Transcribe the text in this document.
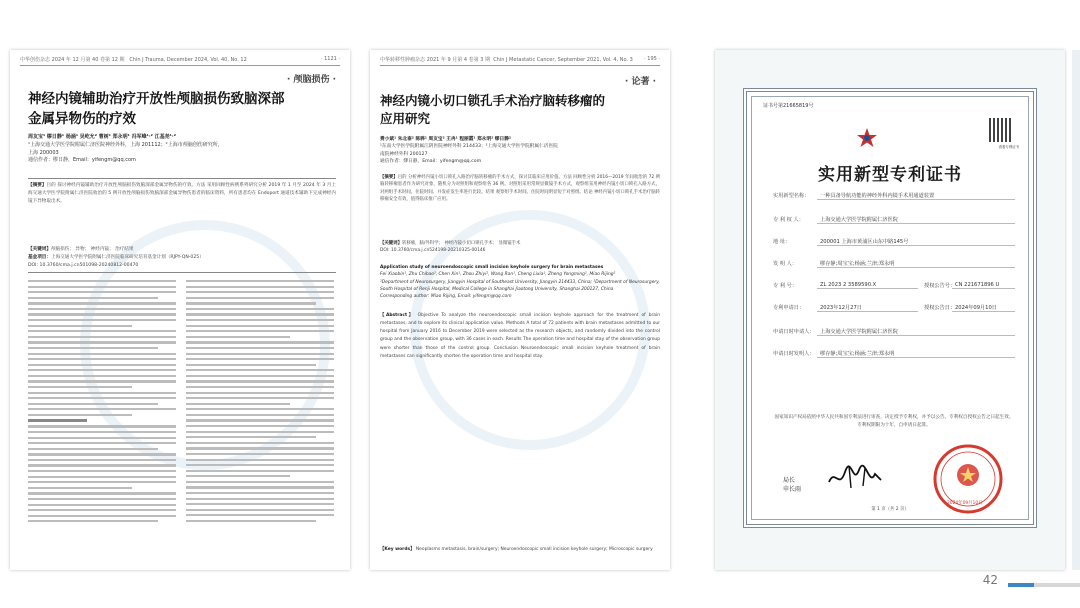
中华创伤杂志 2024 年 12 月第 40 卷第 12 期 Chin J Trauma, December 2024, Vol. 40, No. 12	· 1121 ·
· 颅脑损伤 ·
神经内镜辅助治疗开放性颅脑损伤致脑深部
金属异物伤的疗效
周友宝¹ 缪日静¹ 杨涵¹ 吴屹允² 曹树¹ 郑永明¹ 冯军峰¹·² 江基尧¹·²
¹上海交通大学医学院附属仁济医院神经外科，上海 201112；²上海市颅脑创伤研究所，
上海 200003
通信作者：缪日静，Email：yifengm@qq.com
【摘要】目的 探讨神经内镜辅助治疗开放性颅脑损伤致脑深部金属异物伤的疗效。方法 采用回顾性病例系列研究分析 2019 年 1 月至 2024 年 3 月上海交通大学医学院附属仁济医院收治的 5 例开放性颅脑损伤致脑深部金属异物伤患者的临床资料，所有患者均在 Endoport 通道技术辅助下完成神经内镜下异物取出术。
【关键词】颅脑损伤； 异物； 神经内镜； 治疗结果
基金项目：上海交通大学医学院附属仁济医院临床研究培育基金计划（RJPY-QN-025）
DOI: 10.3760/cma.j.cn501098-20240812-00470
中华转移性肿瘤杂志 2021 年 9 月第 4 卷第 3 期 Chin J Metastatic Cancer, September 2021, Vol. 4, No. 3 · 195 ·
· 论著 ·
神经内镜小切口锁孔手术治疗脑转移瘤的
应用研究
费小斌¹ 朱北泰² 陈骅¹ 周友宝² 王冉¹ 程丽霞¹ 郑永明² 缪日静²
¹东南大学医学院附属江阴医院神经外科 214433；²上海交通大学医学院附属仁济医院
南院神经外科 200127
通信作者：缪日静，Email：yifengm@qq.com
【摘要】目的 分析神经内镜小切口锁孔入路治疗脑转移瘤的手术方式，探讨其临床应用价值。方法 回顾性分析 2016—2019 年间收治的 72 例脑转移瘤患者作为研究对象，随机分为对照组和观察组各 36 例。对照组采用常规显微镜手术方式，观察组采用神经内镜小切口锁孔入路方式，对两组手术时间、住院时间、并发症发生率进行比较。结果 观察组手术时间、住院时间明显短于对照组。结论 神经内镜小切口锁孔手术治疗脑转移瘤安全有效，值得临床推广应用。
【关键词】转移瘤，脑/外科学； 神经内镜小切口锁孔手术； 显微镜手术
DOI: 10.3760/cma.j.cn524198-20210325-00146
Application study of neuroendoscopic small incision keyhole surgery for brain metastases
Fei Xiaobin¹, Zhu Chibao², Chen Xin¹, Zhou Zhiyi², Wang Ran¹, Cheng Lixia¹, Zheng Yongming², Miao Rijing²
¹Department of Neurosurgery, Jiangyin Hospital of Southeast University, Jiangyin 214433, China; ²Department of Neurosurgery, South Hospital of Renji Hospital, Medical College in Shanghai Jiaotong University, Shanghai 200127, China
Corresponding author: Miao Rijing, Email: yifengm@qq.com
【Abstract】 Objective To analyze the neuroendoscopic small incision keyhole approach for the treatment of brain metastases, and to explore its clinical application value. Methods A total of 72 patients with brain metastases admitted to our hospital from January 2016 to December 2019 were selected as the research objects, and randomly divided into the control group and the observation group, with 36 cases in each. Results The operation time and hospital stay of the observation group were shorter than those of the control group. Conclusion Neuroendoscopic small incision keyhole treatment of brain metastases can significantly shorten the operation time and hospital stay.
【Key words】 Neoplasms metastasis, brain/surgery; Neuroendoscopic small incision keyhole surgery; Microscopic surgery
证书号第21665819号
查看专利证书
实用新型专利证书
实用新型名称：	一种具备导航功能的神经外科内镜手术用通道装置
专 利 权 人：	上海交通大学医学院附属仁济医院
地 址：	200001 上海市黄浦区山东中路145号
发 明 人：	缪存静;周宝宝;杨涵;兰津;郑永明
专 利 号：	ZL 2023 2 3589590.X	授权公告号： CN 221671896 U
专利申请日：	2023年12月27日	授权公告日： 2024年09月10日
申请日时申请人：	上海交通大学医学院附属仁济医院
申请日时发明人：	缪存静;周宝宝;杨涵;兰津;郑永明
国家知识产权局依照中华人民共和国专利法进行审查，决定授予专利权，并予以公告。专利权自授权公告之日起生效。专利权期限为十年，自申请日起算。
局长
申长雨
2024年09月10日
第 1 页（共 2 页）
42
